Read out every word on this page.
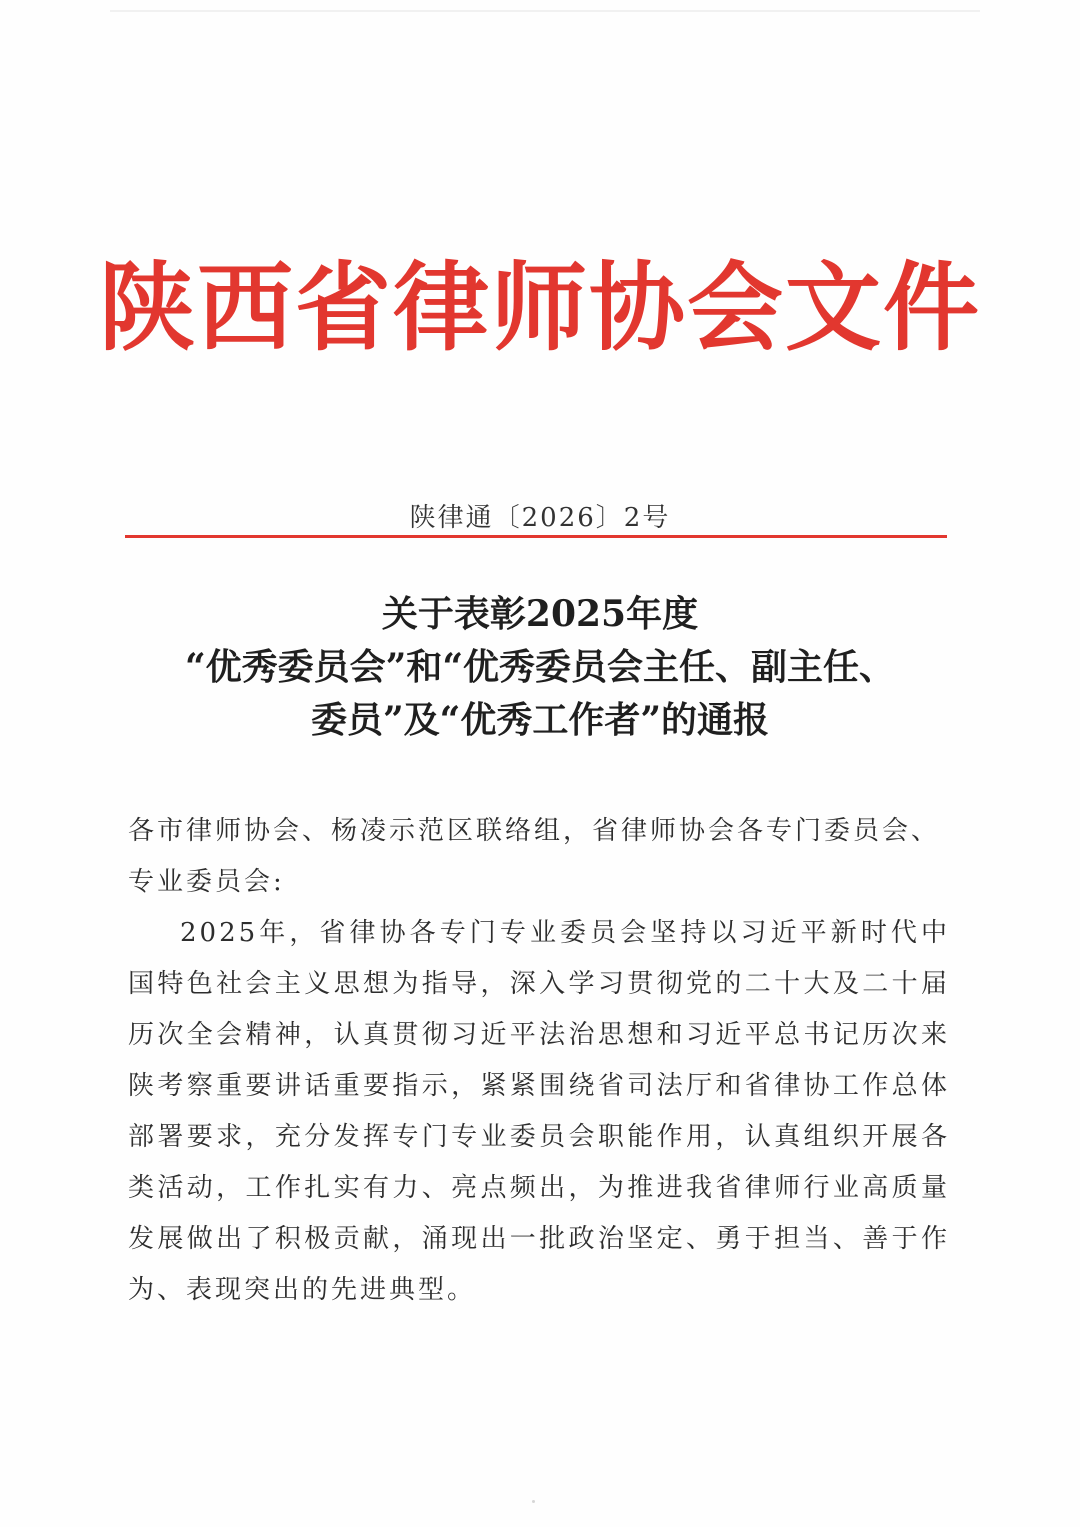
陕西省律师协会文件
陕律通〔2026〕2号
关于表彰2025年度
“优秀委员会”和“优秀委员会主任、副主任、
委员”及“优秀工作者”的通报

各市律师协会、杨凌示范区联络组，省律师协会各专门委员会、专业委员会:

2025年，省律协各专门专业委员会坚持以习近平新时代中国特色社会主义思想为指导，深入学习贯彻党的二十大及二十届历次全会精神，认真贯彻习近平法治思想和习近平总书记历次来陕考察重要讲话重要指示，紧紧围绕省司法厅和省律协工作总体部署要求，充分发挥专门专业委员会职能作用，认真组织开展各类活动，工作扎实有力、亮点频出，为推进我省律师行业高质量发展做出了积极贡献，涌现出一批政治坚定、勇于担当、善于作为、表现突出的先进典型。
